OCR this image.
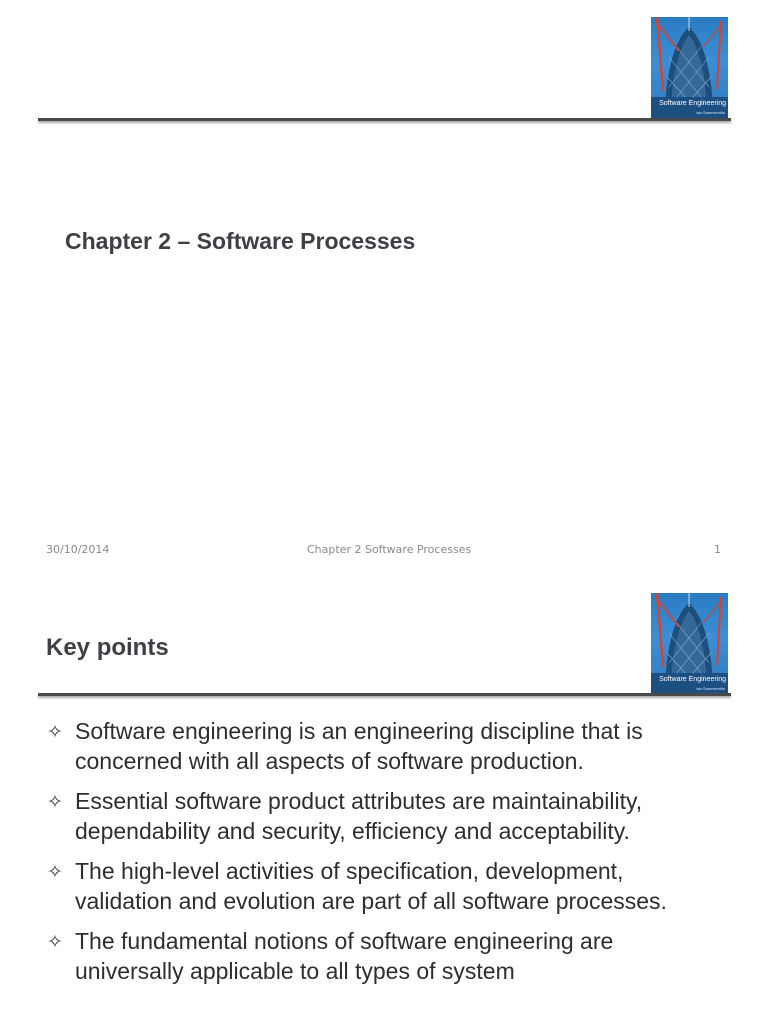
Software Engineering
ian Sommerville
Chapter 2 – Software Processes
30/10/2014	Chapter 2 Software Processes	1
Software Engineering
ian Sommerville
Key points
✧ Software engineering is an engineering discipline that is concerned with all aspects of software production.
✧ Essential software product attributes are maintainability, dependability and security, efficiency and acceptability.
✧ The high-level activities of specification, development, validation and evolution are part of all software processes.
✧ The fundamental notions of software engineering are universally applicable to all types of system
